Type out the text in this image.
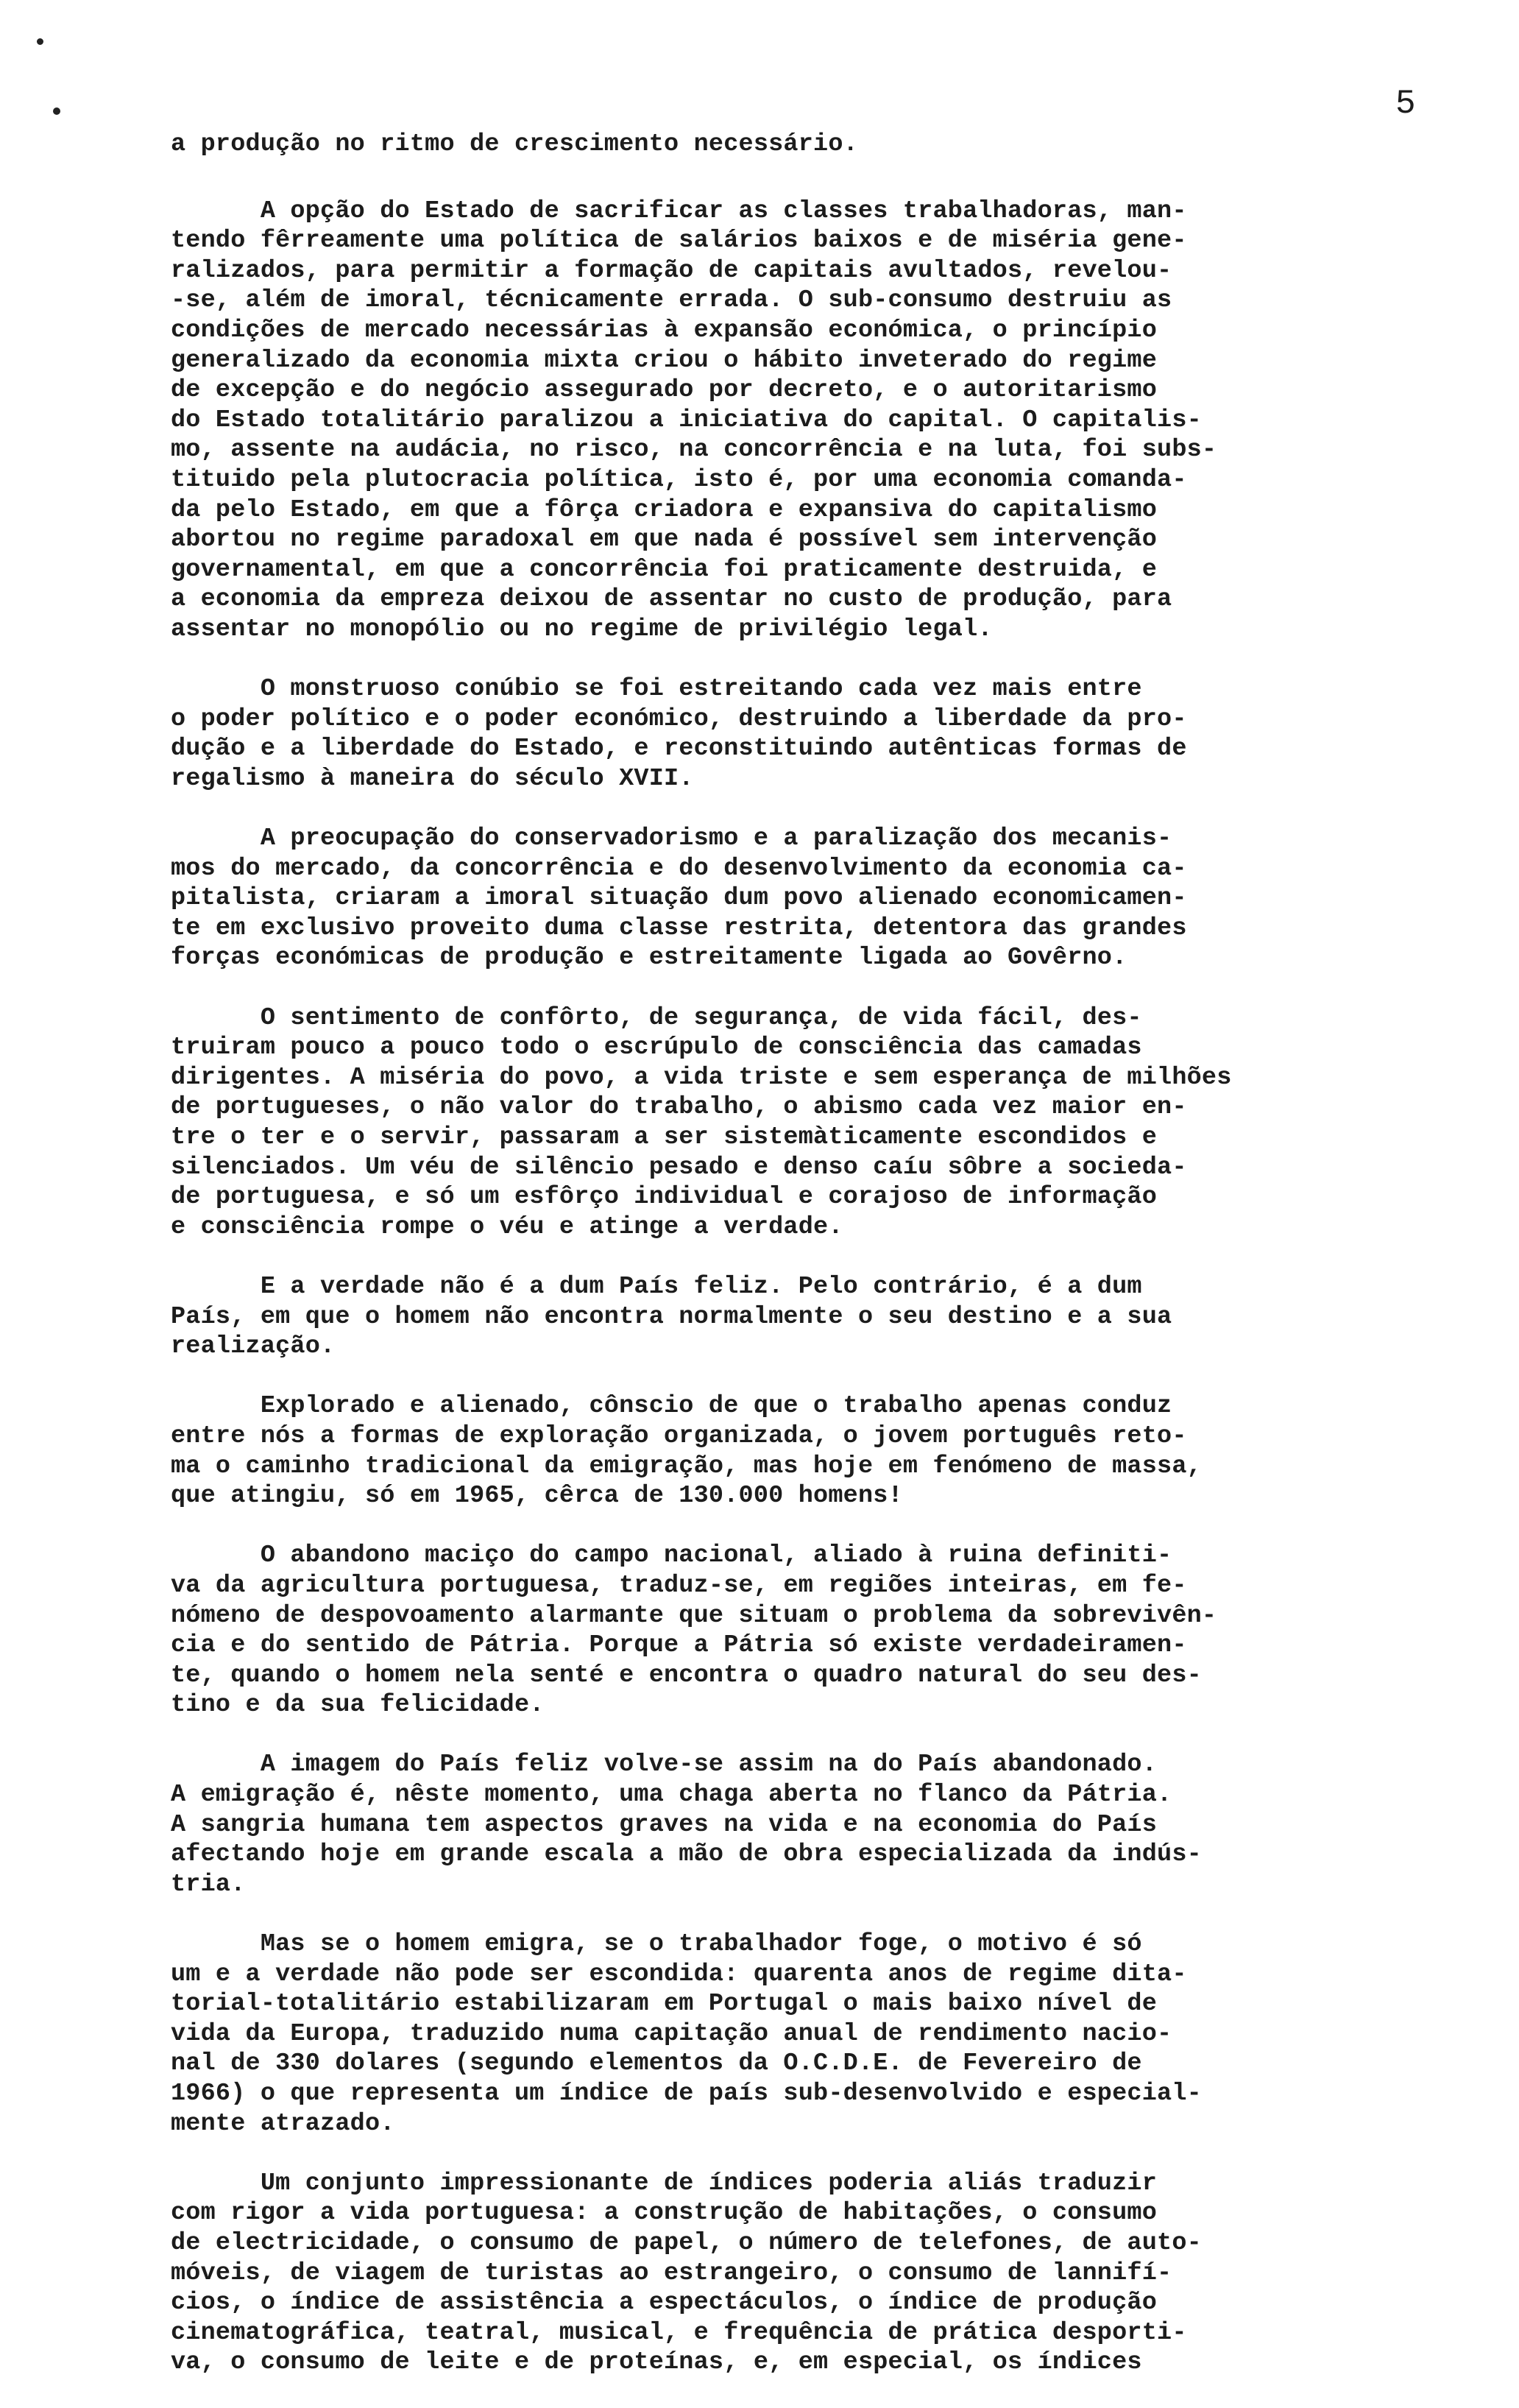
5
a produção no ritmo de crescimento necessário.
A opção do Estado de sacrificar as classes trabalhadoras, man-
tendo fêrreamente uma política de salários baixos e de miséria gene-
ralizados, para permitir a formação de capitais avultados, revelou-
-se, além de imoral, técnicamente errada. O sub-consumo destruiu as
condições de mercado necessárias à expansão económica, o princípio
generalizado da economia mixta criou o hábito inveterado do regime
de excepção e do negócio assegurado por decreto, e o autoritarismo
do Estado totalitário paralizou a iniciativa do capital. O capitalis-
mo, assente na audácia, no risco, na concorrência e na luta, foi subs-
tituido pela plutocracia política, isto é, por uma economia comanda-
da pelo Estado, em que a fôrça criadora e expansiva do capitalismo
abortou no regime paradoxal em que nada é possível sem intervenção
governamental, em que a concorrência foi praticamente destruida, e
a economia da empreza deixou de assentar no custo de produção, para
assentar no monopólio ou no regime de privilégio legal.
O monstruoso conúbio se foi estreitando cada vez mais entre
o poder político e o poder económico, destruindo a liberdade da pro-
dução e a liberdade do Estado, e reconstituindo autênticas formas de
regalismo à maneira do século XVII.
A preocupação do conservadorismo e a paralização dos mecanis-
mos do mercado, da concorrência e do desenvolvimento da economia ca-
pitalista, criaram a imoral situação dum povo alienado economicamen-
te em exclusivo proveito duma classe restrita, detentora das grandes
forças económicas de produção e estreitamente ligada ao Govêrno.
O sentimento de confôrto, de segurança, de vida fácil, des-
truiram pouco a pouco todo o escrúpulo de consciência das camadas
dirigentes. A miséria do povo, a vida triste e sem esperança de milhões
de portugueses, o não valor do trabalho, o abismo cada vez maior en-
tre o ter e o servir, passaram a ser sistemàticamente escondidos e
silenciados. Um véu de silêncio pesado e denso caíu sôbre a socieda-
de portuguesa, e só um esfôrço individual e corajoso de informação
e consciência rompe o véu e atinge a verdade.
E a verdade não é a dum País feliz. Pelo contrário, é a dum
País, em que o homem não encontra normalmente o seu destino e a sua
realização.
Explorado e alienado, cônscio de que o trabalho apenas conduz
entre nós a formas de exploração organizada, o jovem português reto-
ma o caminho tradicional da emigração, mas hoje em fenómeno de massa,
que atingiu, só em 1965, cêrca de 130.000 homens!
O abandono maciço do campo nacional, aliado à ruina definiti-
va da agricultura portuguesa, traduz-se, em regiões inteiras, em fe-
nómeno de despovoamento alarmante que situam o problema da sobrevivên-
cia e do sentido de Pátria. Porque a Pátria só existe verdadeiramen-
te, quando o homem nela senté e encontra o quadro natural do seu des-
tino e da sua felicidade.
A imagem do País feliz volve-se assim na do País abandonado.
A emigração é, nêste momento, uma chaga aberta no flanco da Pátria.
A sangria humana tem aspectos graves na vida e na economia do País
afectando hoje em grande escala a mão de obra especializada da indús-
tria.
Mas se o homem emigra, se o trabalhador foge, o motivo é só
um e a verdade não pode ser escondida: quarenta anos de regime dita-
torial-totalitário estabilizaram em Portugal o mais baixo nível de
vida da Europa, traduzido numa capitação anual de rendimento nacio-
nal de 330 dolares (segundo elementos da O.C.D.E. de Fevereiro de
1966) o que representa um índice de país sub-desenvolvido e especial-
mente atrazado.
Um conjunto impressionante de índices poderia aliás traduzir
com rigor a vida portuguesa: a construção de habitações, o consumo
de electricidade, o consumo de papel, o número de telefones, de auto-
móveis, de viagem de turistas ao estrangeiro, o consumo de lannifí-
cios, o índice de assistência a espectáculos, o índice de produção
cinematográfica, teatral, musical, e frequência de prática desporti-
va, o consumo de leite e de proteínas, e, em especial, os índices
